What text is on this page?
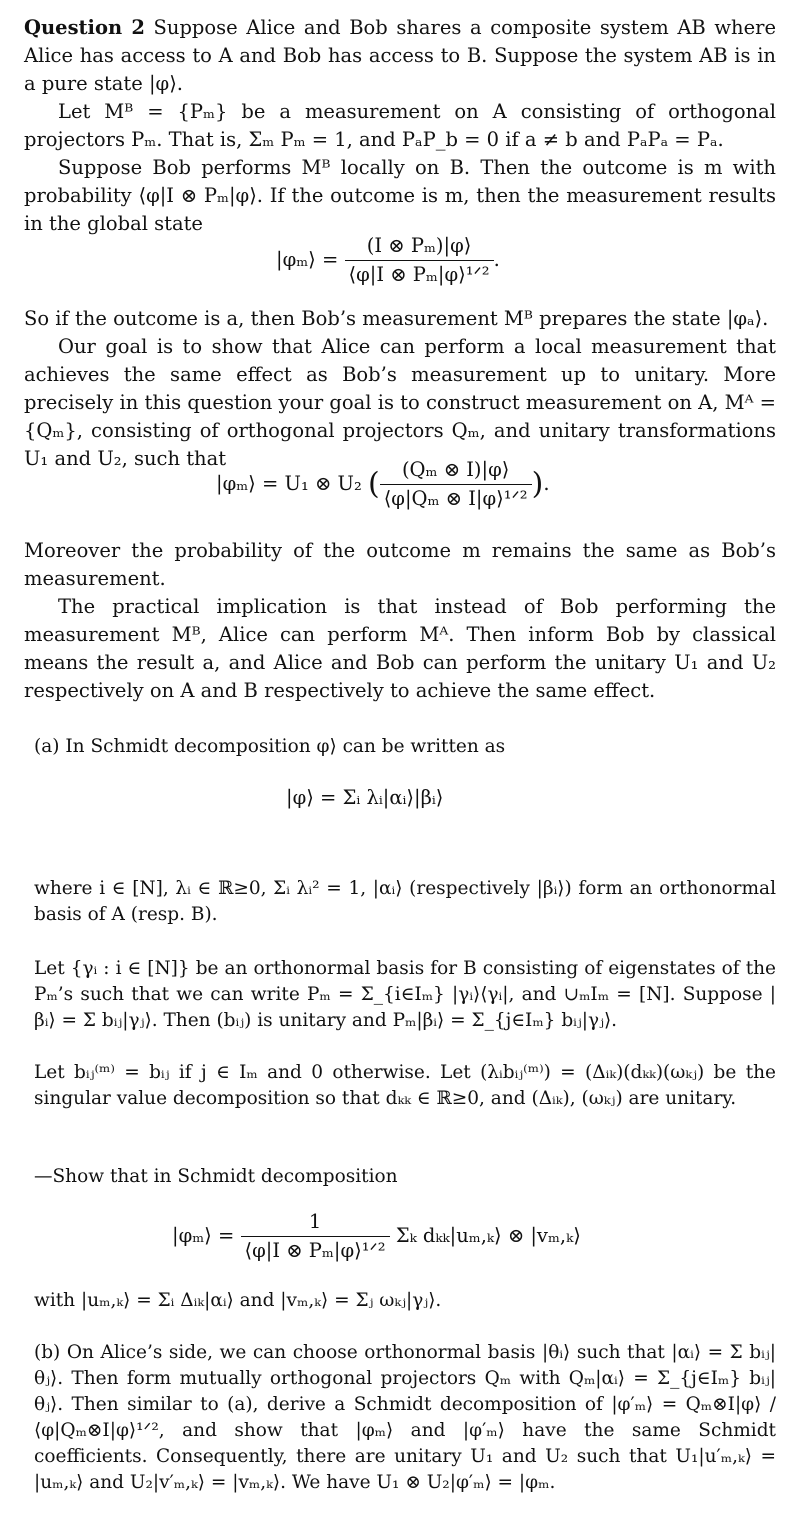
Question 2 Suppose Alice and Bob shares a composite system AB where Alice has access to A and Bob has access to B. Suppose the system AB is in a pure state |φ⟩.

Let Mᴮ = {Pₘ} be a measurement on A consisting of orthogonal projectors Pₘ. That is, Σₘ Pₘ = 1, and PₐP_b = 0 if a ≠ b and PₐPₐ = Pₐ.

Suppose Bob performs Mᴮ locally on B. Then the outcome is m with probability ⟨φ|I ⊗ Pₘ|φ⟩. If the outcome is m, then the measurement results in the global state

|φₘ⟩ = $\frac{\text{(I ⊗ Pₘ)|φ⟩}}{\text{⟨φ|I ⊗ Pₘ|φ⟩¹ᐟ²}}$ .

So if the outcome is a, then Bob’s measurement Mᴮ prepares the state |φₐ⟩.

Our goal is to show that Alice can perform a local measurement that achieves the same effect as Bob’s measurement up to unitary. More precisely in this question your goal is to construct measurement on A, Mᴬ = {Qₘ}, consisting of orthogonal projectors Qₘ, and unitary transformations U₁ and U₂, such that

|φₘ⟩ = U₁ ⊗ U₂ ( $\frac{\text{(Qₘ ⊗ I)|φ⟩}}{\text{⟨φ|Qₘ ⊗ I|φ⟩¹ᐟ²}}$ ).

Moreover the probability of the outcome m remains the same as Bob’s measurement.

The practical implication is that instead of Bob performing the measurement Mᴮ, Alice can perform Mᴬ. Then inform Bob by classical means the result a, and Alice and Bob can perform the unitary U₁ and U₂ respectively on A and B respectively to achieve the same effect.

(a) In Schmidt decomposition φ⟩ can be written as

|φ⟩ = Σᵢ λᵢ|αᵢ⟩|βᵢ⟩

where i ∈ [N], λᵢ ∈ ℝ≥0, Σᵢ λᵢ² = 1, |αᵢ⟩ (respectively |βᵢ⟩) form an orthonormal basis of A (resp. B).

Let {γᵢ : i ∈ [N]} be an orthonormal basis for B consisting of eigenstates of the Pₘ’s such that we can write Pₘ = Σ_{i∈Iₘ} |γᵢ⟩⟨γᵢ|, and ∪ₘIₘ = [N]. Suppose |βᵢ⟩ = Σ bᵢⱼ|γⱼ⟩. Then (bᵢⱼ) is unitary and Pₘ|βᵢ⟩ = Σ_{j∈Iₘ} bᵢⱼ|γⱼ⟩.

Let bᵢⱼ⁽ᵐ⁾ = bᵢⱼ if j ∈ Iₘ and 0 otherwise. Let (λᵢbᵢⱼ⁽ᵐ⁾) = (Δᵢₖ)(dₖₖ)(ωₖⱼ) be the singular value decomposition so that dₖₖ ∈ ℝ≥0, and (Δᵢₖ), (ωₖⱼ) are unitary.

—Show that in Schmidt decomposition

|φₘ⟩ = $\frac{1}{\text{⟨φ|I ⊗ Pₘ|φ⟩¹ᐟ²}}$ Σₖ dₖₖ|uₘ,ₖ⟩ ⊗ |vₘ,ₖ⟩

with |uₘ,ₖ⟩ = Σᵢ Δᵢₖ|αᵢ⟩ and |vₘ,ₖ⟩ = Σⱼ ωₖⱼ|γⱼ⟩.

(b) On Alice’s side, we can choose orthonormal basis |θᵢ⟩ such that |αᵢ⟩ = Σ bᵢⱼ|θⱼ⟩. Then form mutually orthogonal projectors Qₘ with Qₘ|αᵢ⟩ = Σ_{j∈Iₘ} bᵢⱼ|θⱼ⟩. Then similar to (a), derive a Schmidt decomposition of |φ′ₘ⟩ = Qₘ⊗I|φ⟩ / ⟨φ|Qₘ⊗I|φ⟩¹ᐟ², and show that |φₘ⟩ and |φ′ₘ⟩ have the same Schmidt coefficients. Consequently, there are unitary U₁ and U₂ such that U₁|u′ₘ,ₖ⟩ = |uₘ,ₖ⟩ and U₂|v′ₘ,ₖ⟩ = |vₘ,ₖ⟩. We have U₁ ⊗ U₂|φ′ₘ⟩ = |φₘ.
